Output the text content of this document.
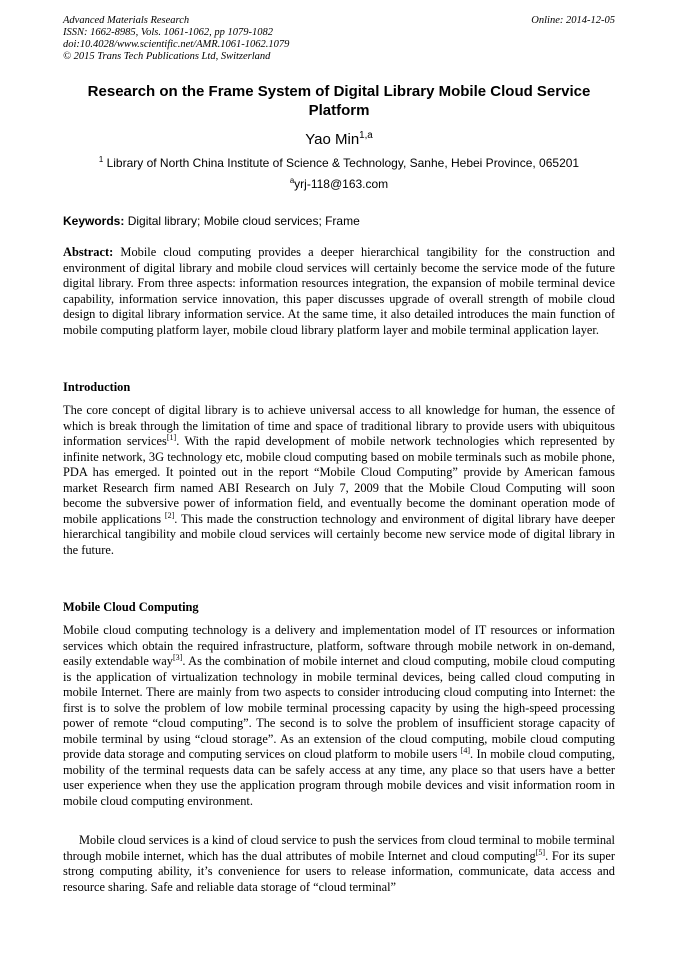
Advanced Materials Research
ISSN: 1662-8985, Vols. 1061-1062, pp 1079-1082
doi:10.4028/www.scientific.net/AMR.1061-1062.1079
© 2015 Trans Tech Publications Ltd, Switzerland
Online: 2014-12-05
Research on the Frame System of Digital Library Mobile Cloud Service Platform
Yao Min$^{1,a}$
$^1$ Library of North China Institute of Science & Technology, Sanhe, Hebei Province, 065201
$^a$yrj-118@163.com
Keywords: Digital library; Mobile cloud services; Frame
Abstract: Mobile cloud computing provides a deeper hierarchical tangibility for the construction and environment of digital library and mobile cloud services will certainly become the service mode of the future digital library. From three aspects: information resources integration, the expansion of mobile terminal device capability, information service innovation, this paper discusses upgrade of overall strength of mobile cloud design to digital library information service. At the same time, it also detailed introduces the main function of mobile computing platform layer, mobile cloud library platform layer and mobile terminal application layer.
Introduction
The core concept of digital library is to achieve universal access to all knowledge for human, the essence of which is break through the limitation of time and space of traditional library to provide users with ubiquitous information services[1]. With the rapid development of mobile network technologies which represented by infinite network, 3G technology etc, mobile cloud computing based on mobile terminals such as mobile phone, PDA has emerged. It pointed out in the report “Mobile Cloud Computing” provide by American famous market Research firm named ABI Research on July 7, 2009 that the Mobile Cloud Computing will soon become the subversive power of information field, and eventually become the dominant operation mode of mobile applications [2]. This made the construction technology and environment of digital library have deeper hierarchical tangibility and mobile cloud services will certainly become new service mode of digital library in the future.
Mobile Cloud Computing
Mobile cloud computing technology is a delivery and implementation model of IT resources or information services which obtain the required infrastructure, platform, software through mobile network in on-demand, easily extendable way[3]. As the combination of mobile internet and cloud computing, mobile cloud computing is the application of virtualization technology in mobile terminal devices, being called cloud computing in mobile Internet. There are mainly from two aspects to consider introducing cloud computing into Internet: the first is to solve the problem of low mobile terminal processing capacity by using the high-speed processing power of remote “cloud computing”. The second is to solve the problem of insufficient storage capacity of mobile terminal by using “cloud storage”. As an extension of the cloud computing, mobile cloud computing provide data storage and computing services on cloud platform to mobile users [4]. In mobile cloud computing, mobility of the terminal requests data can be safely access at any time, any place so that users have a better user experience when they use the application program through mobile devices and visit information room in mobile cloud computing environment.
Mobile cloud services is a kind of cloud service to push the services from cloud terminal to mobile terminal through mobile internet, which has the dual attributes of mobile Internet and cloud computing[5]. For its super strong computing ability, it’s convenience for users to release information, communicate, data access and resource sharing. Safe and reliable data storage of “cloud terminal”
